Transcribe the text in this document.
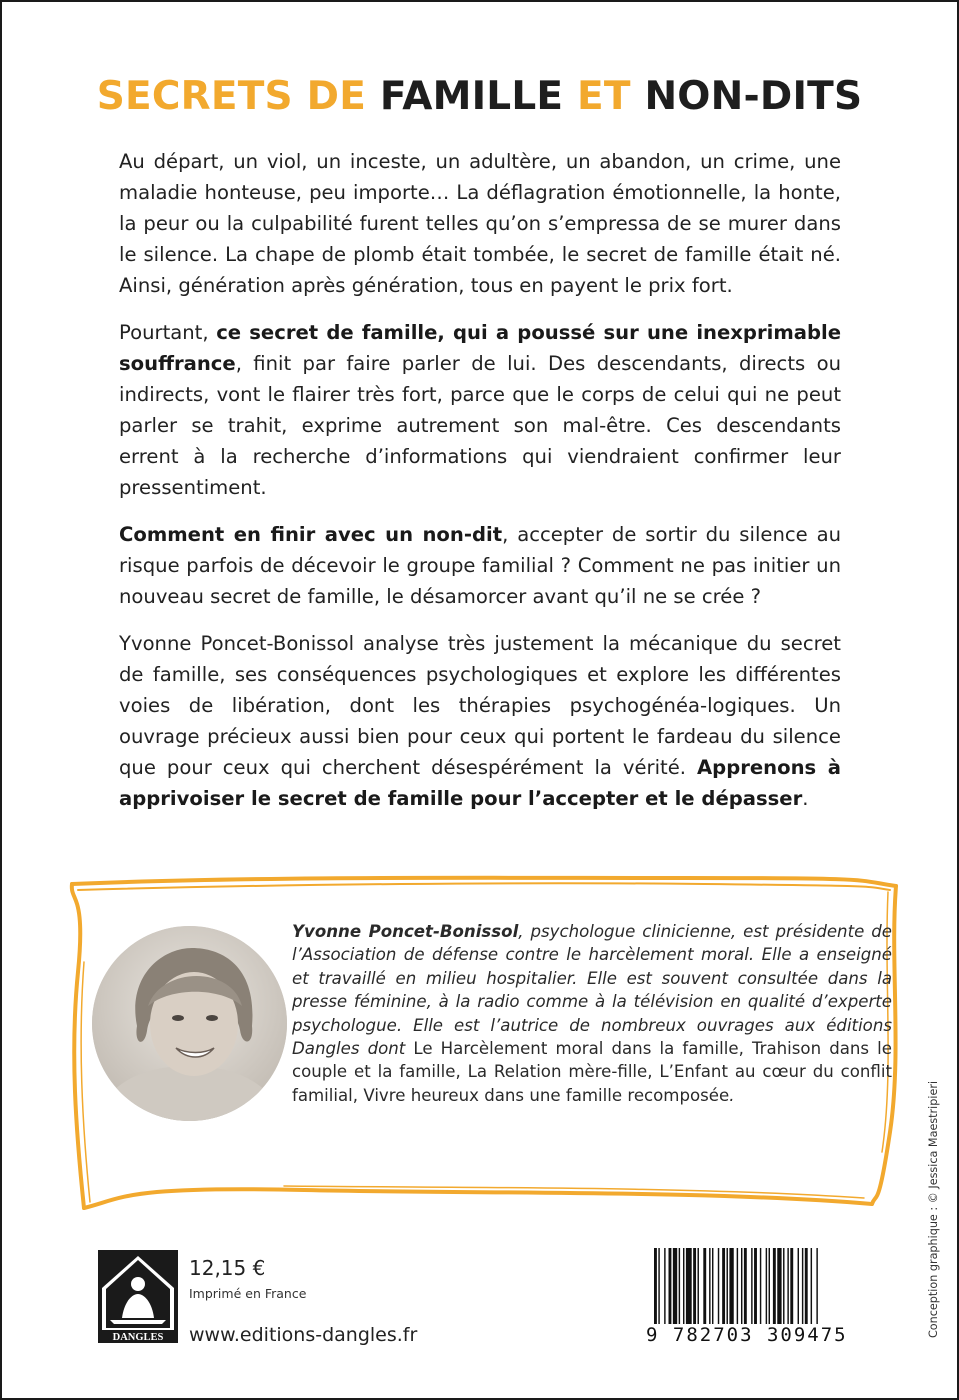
SECRETS DE FAMILLE ET NON-DITS

Au départ, un viol, un inceste, un adultère, un abandon, un crime, une maladie honteuse, peu importe… La déflagration émotionnelle, la honte, la peur ou la culpabilité furent telles qu’on s’empressa de se murer dans le silence. La chape de plomb était tombée, le secret de famille était né. Ainsi, génération après génération, tous en payent le prix fort.

Pourtant, ce secret de famille, qui a poussé sur une inexprimable souffrance, finit par faire parler de lui. Des descendants, directs ou indirects, vont le flairer très fort, parce que le corps de celui qui ne peut parler se trahit, exprime autrement son mal-être. Ces descendants errent à la recherche d’informations qui viendraient confirmer leur pressentiment.

Comment en finir avec un non-dit, accepter de sortir du silence au risque parfois de décevoir le groupe familial ? Comment ne pas initier un nouveau secret de famille, le désamorcer avant qu’il ne se crée ?

Yvonne Poncet-Bonissol analyse très justement la mécanique du secret de famille, ses conséquences psychologiques et explore les différentes voies de libération, dont les thérapies psychogénéa-logiques. Un ouvrage précieux aussi bien pour ceux qui portent le fardeau du silence que pour ceux qui cherchent désespérément la vérité. Apprenons à apprivoiser le secret de famille pour l’accepter et le dépasser.

Yvonne Poncet-Bonissol, psychologue clinicienne, est présidente de l’Association de défense contre le harcèlement moral. Elle a enseigné et travaillé en milieu hospitalier. Elle est souvent consultée dans la presse féminine, à la radio comme à la télévision en qualité d’experte psychologue. Elle est l’autrice de nombreux ouvrages aux éditions Dangles dont Le Harcèlement moral dans la famille, Trahison dans le couple et la famille, La Relation mère-fille, L’Enfant au cœur du conflit familial, Vivre heureux dans une famille recomposée.
DANGLES
12,15 €
Imprimé en France
www.editions-dangles.fr	9 782703 309475	Conception graphique : © Jessica Maestripieri
